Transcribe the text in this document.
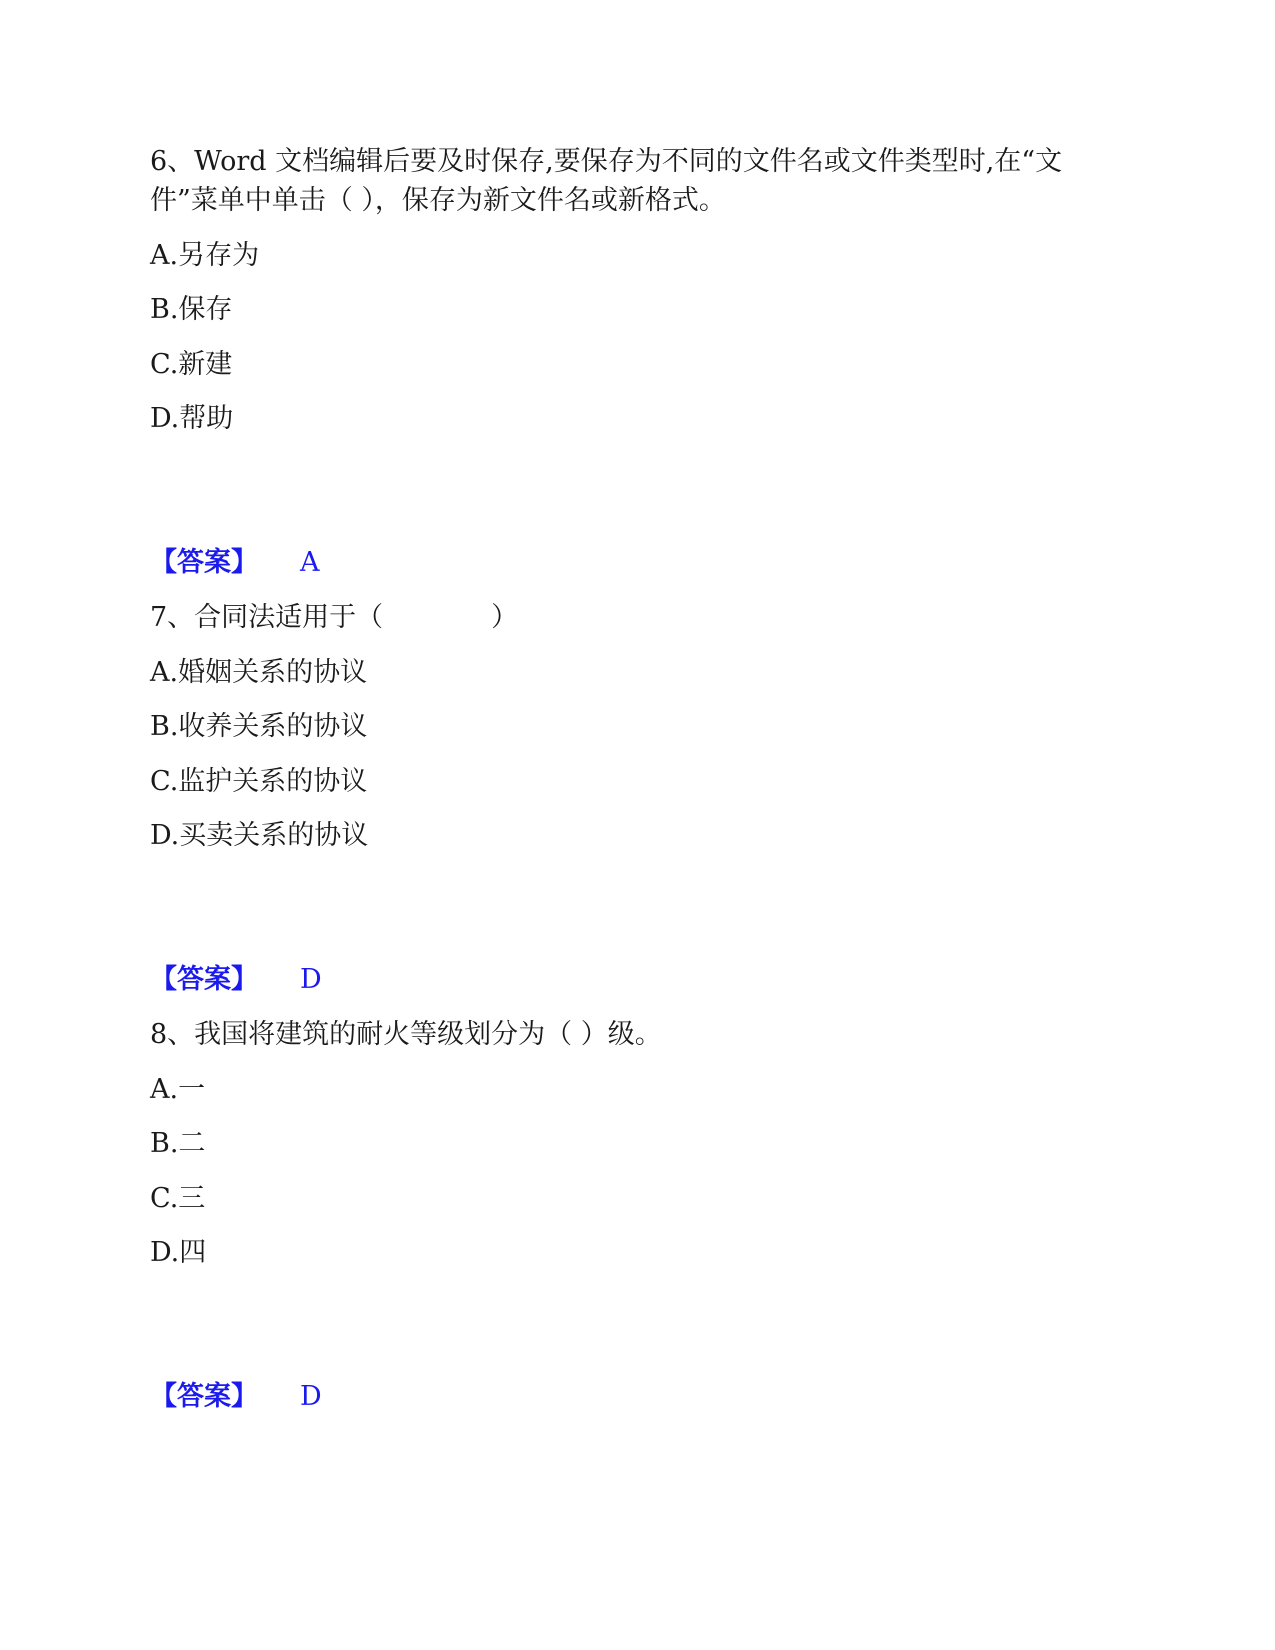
6、Word 文档编辑后要及时保存,要保存为不同的文件名或文件类型时,在“文
件”菜单中单击（ ），保存为新文件名或新格式。
A.另存为
B.保存
C.新建
D.帮助
【答案】 A
7、合同法适用于（　　　　）
A.婚姻关系的协议
B.收养关系的协议
C.监护关系的协议
D.买卖关系的协议
【答案】 D
8、我国将建筑的耐火等级划分为（ ）级。
A.一
B.二
C.三
D.四
【答案】 D
